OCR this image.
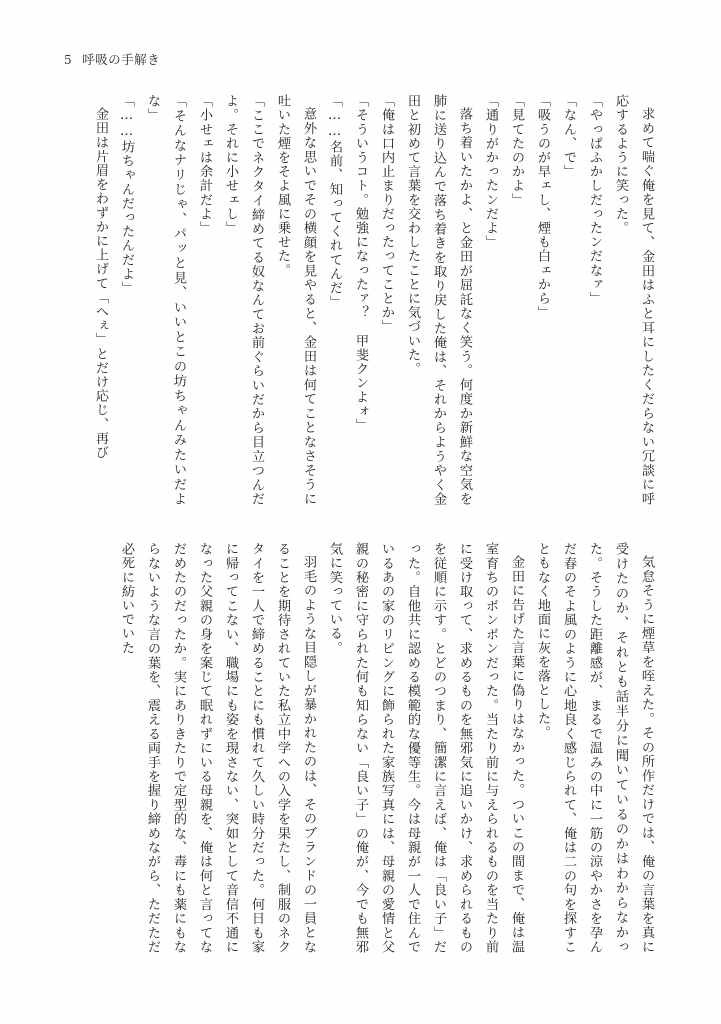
5 呼吸の手解き

求めて喘ぐ俺を見て、金田はふと耳にしたくだらない冗談に呼応するように笑った。

「やっぱふかしだったンだなァ」

「なん、で」

「吸うのが早ェし、煙も白ェから」

「見てたのかよ」

「通りがかったンだよ」

落ち着いたかよ、と金田が屈託なく笑う。何度か新鮮な空気を肺に送り込んで落ち着きを取り戻した俺は、それからようやく金田と初めて言葉を交わしたことに気づいた。

「俺は口内止まりだったってことか」

「そういうコト。勉強になったァ？　甲斐クンよォ」

「……名前、知ってくれてんだ」

意外な思いでその横顔を見やると、金田は何てことなさそうに吐いた煙をそよ風に乗せた。

「ここでネクタイ締めてる奴なんてお前ぐらいだから目立つんだよ。それに小せェし」

「小せェは余計だよ」

「そんなナリじゃ、パッと見、いいとこの坊ちゃんみたいだよな」

「……坊ちゃんだったんだよ」

金田は片眉をわずかに上げて「へぇ」とだけ応じ、再び

気怠そうに煙草を咥えた。その所作だけでは、俺の言葉を真に受けたのか、それとも話半分に聞いているのかはわからなかった。そうした距離感が、まるで温みの中に一筋の涼やかさを孕んだ春のそよ風のように心地良く感じられて、俺は二の句を探すこともなく地面に灰を落とした。

金田に告げた言葉に偽りはなかった。ついこの間まで、俺は温室育ちのボンボンだった。当たり前に与えられるものを当たり前に受け取って、求めるものを無邪気に追いかけ、求められるものを従順に示す。とどのつまり、簡潔に言えば、俺は「良い子」だった。自他共に認める模範的な優等生。今は母親が一人で住んでいるあの家のリビングに飾られた家族写真には、母親の愛情と父親の秘密に守られた何も知らない「良い子」の俺が、今でも無邪気に笑っている。

羽毛のような目隠しが暴かれたのは、そのブランドの一員となることを期待されていた私立中学への入学を果たし、制服のネクタイを一人で締めることにも慣れて久しい時分だった。何日も家に帰ってこない、職場にも姿を現さない、突如として音信不通になった父親の身を案じて眠れずにいる母親を、俺は何と言ってなだめたのだったか。実にありきたりで定型的な、毒にも薬にもならないような言の葉を、震える両手を握り締めながら、ただただ必死に紡いでいた
